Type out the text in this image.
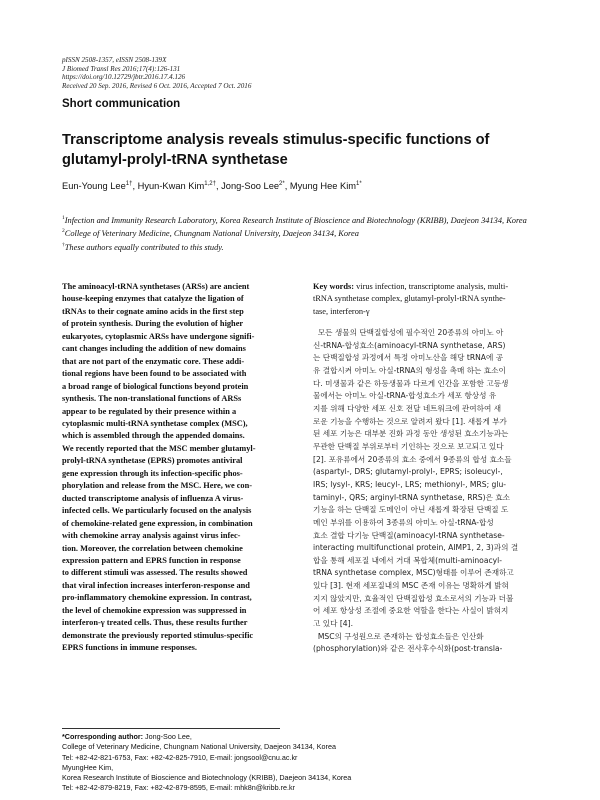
pISSN 2508-1357, eISSN 2508-139X
J Biomed Transl Res 2016;17(4):126-131
https://doi.org/10.12729/jbtr.2016.17.4.126
Received 20 Sep. 2016, Revised 6 Oct. 2016, Accepted 7 Oct. 2016
Short communication
Transcriptome analysis reveals stimulus-specific functions of glutamyl-prolyl-tRNA synthetase
Eun-Young Lee$^{1\dagger}$, Hyun-Kwan Kim$^{1,2\dagger}$, Jong-Soo Lee$^{2*}$, Myung Hee Kim$^{1*}$
$^1$Infection and Immunity Research Laboratory, Korea Research Institute of Bioscience and Biotechnology (KRIBB), Daejeon 34134, Korea
$^2$College of Veterinary Medicine, Chungnam National University, Daejeon 34134, Korea
†These authors equally contributed to this study.
The aminoacyl-tRNA synthetases (ARSs) are ancient
house-keeping enzymes that catalyze the ligation of
tRNAs to their cognate amino acids in the first step
of protein synthesis. During the evolution of higher
eukaryotes, cytoplasmic ARSs have undergone signifi-
cant changes including the addition of new domains
that are not part of the enzymatic core. These addi-
tional regions have been found to be associated with
a broad range of biological functions beyond protein
synthesis. The non-translational functions of ARSs
appear to be regulated by their presence within a
cytoplasmic multi-tRNA synthetase complex (MSC),
which is assembled through the appended domains.
We recently reported that the MSC member glutamyl-
prolyl-tRNA synthetase (EPRS) promotes antiviral
gene expression through its infection-specific phos-
phorylation and release from the MSC. Here, we con-
ducted transcriptome analysis of influenza A virus-
infected cells. We particularly focused on the analysis
of chemokine-related gene expression, in combination
with chemokine array analysis against virus infec-
tion. Moreover, the correlation between chemokine
expression pattern and EPRS function in response
to different stimuli was assessed. The results showed
that viral infection increases interferon-response and
pro-inflammatory chemokine expression. In contrast,
the level of chemokine expression was suppressed in
interferon-γ treated cells. Thus, these results further
demonstrate the previously reported stimulus-specific
EPRS functions in immune responses.
Key words: virus infection, transcriptome analysis, multi-
tRNA synthetase complex, glutamyl-prolyl-tRNA synthe-
tase, interferon-γ
모든 생물의 단백질합성에 필수적인 20종류의 아미노 아
신-tRNA-합성효소(aminoacyl-tRNA synthetase, ARS)
는 단백질합성 과정에서 특정 아미노산을 해당 tRNA에 공
유 결합시켜 아미노 아실-tRNA의 형성을 촉매 하는 효소이
다. 미생물과 같은 하등생물과 다르게 인간을 포함한 고등생
물에서는 아미노 아실-tRNA-합성효소가 세포 항상성 유
지를 위해 다양한 세포 신호 전달 네트워크에 관여하여 새
로운 기능을 수행하는 것으로 알려져 왔다 [1]. 새롭게 부가
된 세포 기능은 대부분 진화 과정 동안 생성된 효소기능과는
무관한 단백질 부위로부터 기인하는 것으로 보고되고 있다
[2]. 포유류에서 20종류의 효소 중에서 9종류의 합성 효소들
(aspartyl-, DRS; glutamyl-prolyl-, EPRS; isoleucyl-,
IRS; lysyl-, KRS; leucyl-, LRS; methionyl-, MRS; glu-
taminyl-, QRS; arginyl-tRNA synthetase, RRS)은 효소
기능을 하는 단백질 도메인이 아닌 새롭게 확장된 단백질 도
메인 부위를 이용하여 3종류의 아미노 아실-tRNA-합성
효소 결합 다기능 단백질(aminoacyl-tRNA synthetase-
interacting multifunctional protein, AIMP1, 2, 3)과의 결
합을 통해 세포질 내에서 거대 복합체(multi-aminoacyl-
tRNA synthetase complex, MSC)형태를 이루어 존재하고
있다 [3]. 현재 세포질내의 MSC 존재 이유는 명확하게 밝혀
지지 않았지만, 효율적인 단백질합성 효소로서의 기능과 더불
어 세포 항상성 조절에 중요한 역할을 한다는 사실이 밝혀지
고 있다 [4].
MSC의 구성원으로 존재하는 합성효소들은 인산화
(phosphorylation)와 같은 전사후수식화(post-transla-
*Corresponding author: Jong-Soo Lee,
College of Veterinary Medicine, Chungnam National University, Daejeon 34134, Korea
Tel: +82-42-821-6753, Fax: +82-42-825-7910, E-mail: jongsool@cnu.ac.kr
MyungHee Kim,
Korea Research Institute of Bioscience and Biotechnology (KRIBB), Daejeon 34134, Korea
Tel: +82-42-879-8219, Fax: +82-42-879-8595, E-mail: mhk8n@kribb.re.kr
